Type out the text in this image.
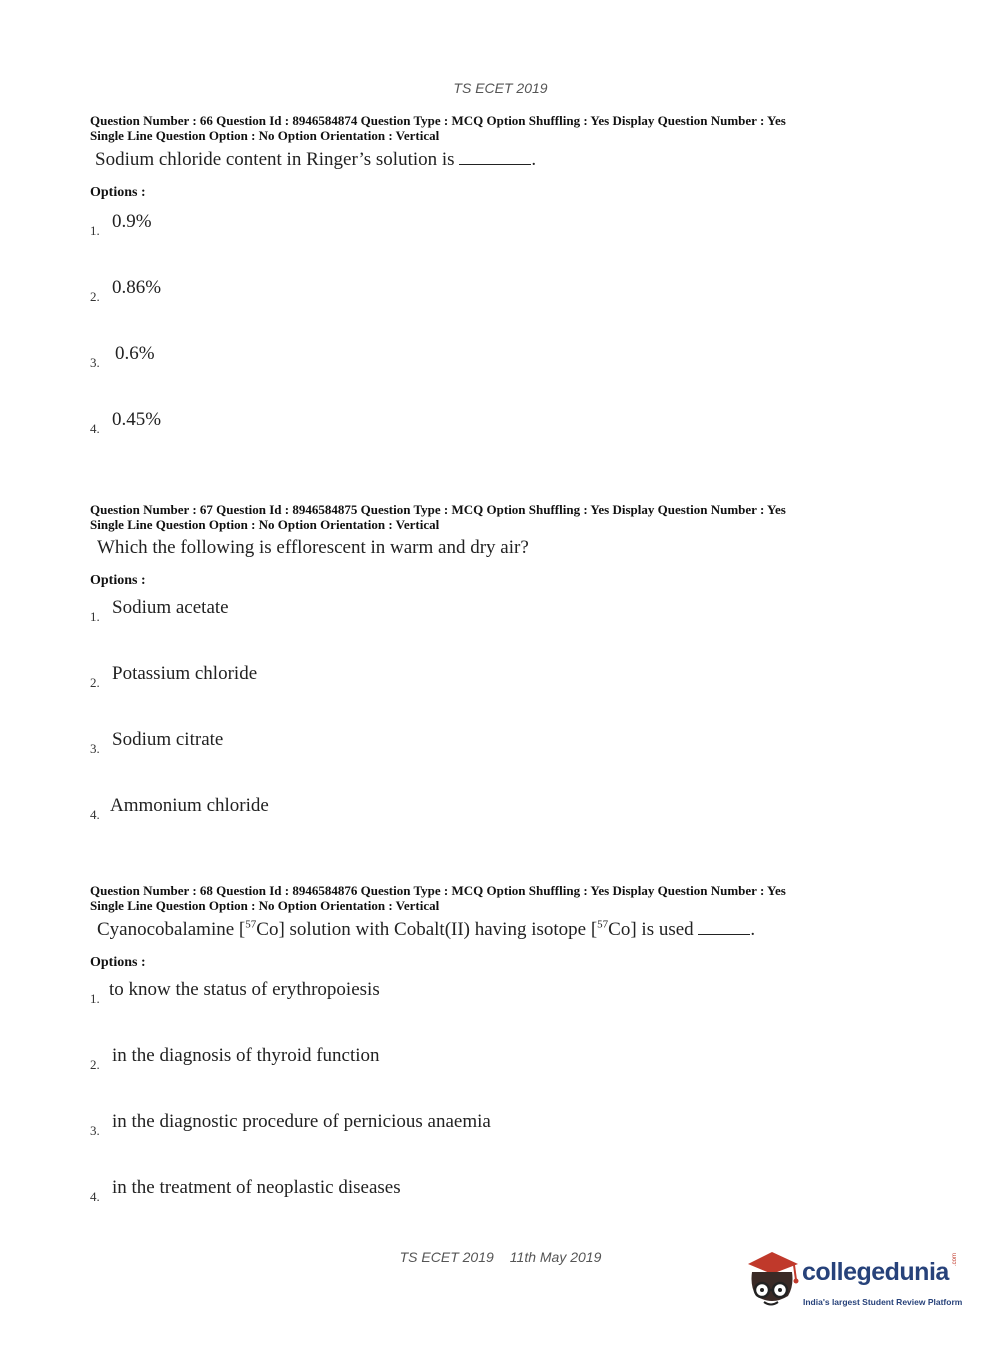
TS ECET 2019

Question Number : 66 Question Id : 8946584874 Question Type : MCQ Option Shuffling : Yes Display Question Number : Yes

Single Line Question Option : No Option Orientation : Vertical

Sodium chloride content in Ringer’s solution is	.
Options :
1. 0.9%
2. 0.86%
3. 0.6%
4. 0.45%

Question Number : 67 Question Id : 8946584875 Question Type : MCQ Option Shuffling : Yes Display Question Number : Yes

Single Line Question Option : No Option Orientation : Vertical

Which the following is efflorescent in warm and dry air?
Options :
1. Sodium acetate
2. Potassium chloride
3. Sodium citrate
4. Ammonium chloride

Question Number : 68 Question Id : 8946584876 Question Type : MCQ Option Shuffling : Yes Display Question Number : Yes

Single Line Question Option : No Option Orientation : Vertical

Cyanocobalamine [$^{57}$Co] solution with Cobalt(II) having isotope [$^{57}$Co] is used	.
Options :
1. to know the status of erythropoiesis
2. in the diagnosis of thyroid function
3. in the diagnostic procedure of pernicious anaemia
4. in the treatment of neoplastic diseases
TS ECET 2019 11th May 2019
collegedunia .com
India's largest Student Review Platform
